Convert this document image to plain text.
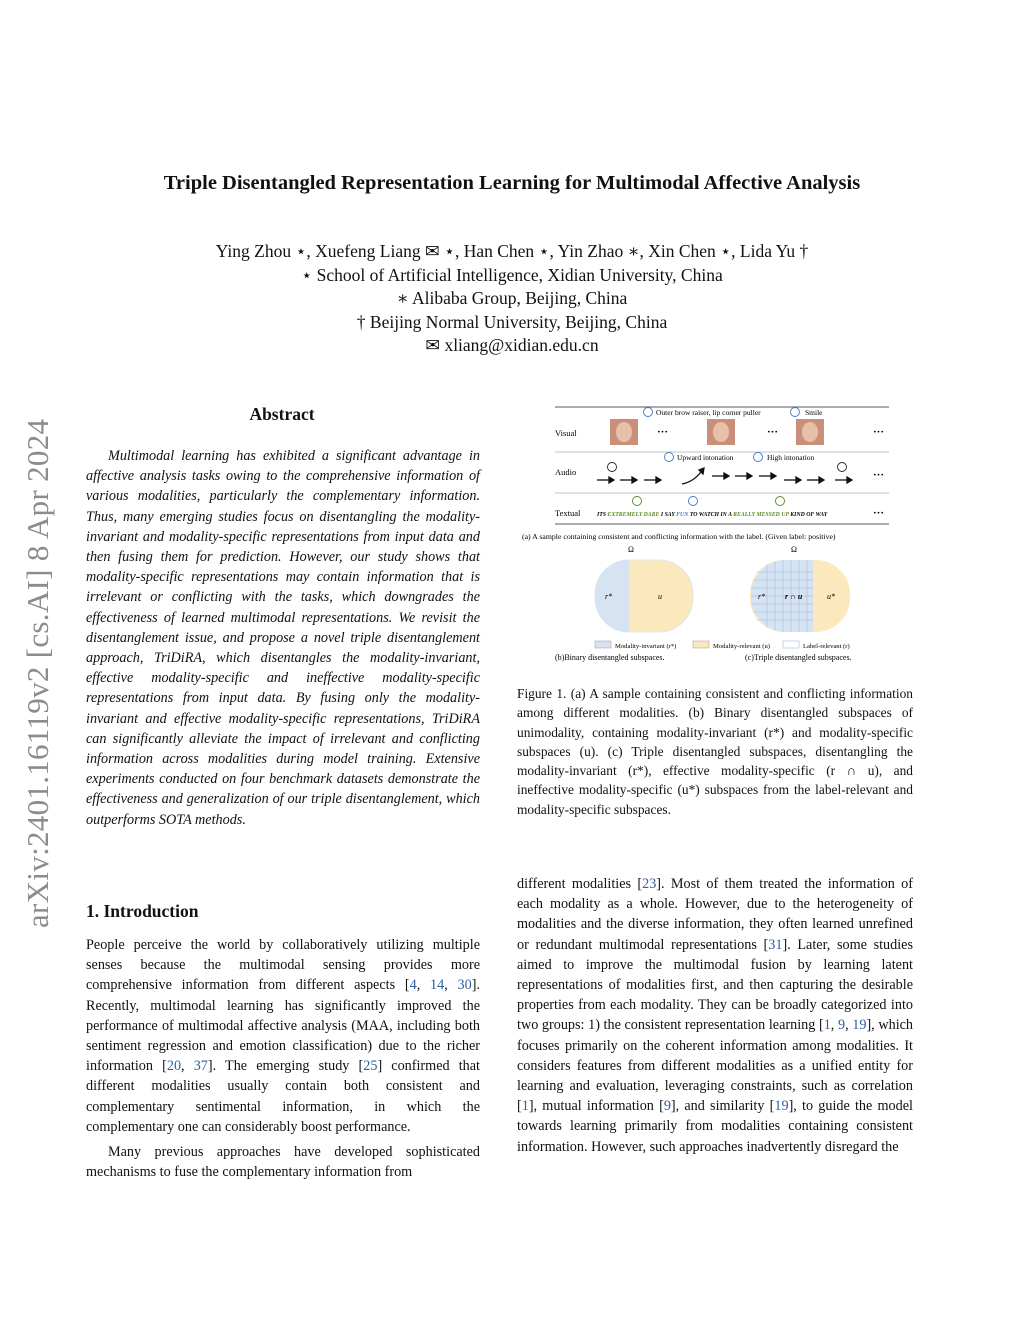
Triple Disentangled Representation Learning for Multimodal Affective Analysis
Ying Zhou ⋆, Xuefeng Liang ✉ ⋆, Han Chen ⋆, Yin Zhao ∗, Xin Chen ⋆, Lida Yu †
⋆ School of Artificial Intelligence, Xidian University, China
∗ Alibaba Group, Beijing, China
† Beijing Normal University, Beijing, China
✉ xliang@xidian.edu.cn
arXiv:2401.16119v2 [cs.AI] 8 Apr 2024
Abstract
Multimodal learning has exhibited a significant advantage in affective analysis tasks owing to the comprehensive information of various modalities, particularly the complementary information. Thus, many emerging studies focus on disentangling the modality-invariant and modality-specific representations from input data and then fusing them for prediction. However, our study shows that modality-specific representations may contain information that is irrelevant or conflicting with the tasks, which downgrades the effectiveness of learned multimodal representations. We revisit the disentanglement issue, and propose a novel triple disentanglement approach, TriDiRA, which disentangles the modality-invariant, effective modality-specific and ineffective modality-specific representations from input data. By fusing only the modality-invariant and effective modality-specific representations, TriDiRA can significantly alleviate the impact of irrelevant and conflicting information across modalities during model training. Extensive experiments conducted on four benchmark datasets demonstrate the effectiveness and generalization of our triple disentanglement, which outperforms SOTA methods.
1. Introduction

People perceive the world by collaboratively utilizing multiple senses because the multimodal sensing provides more comprehensive information from different aspects [4, 14, 30]. Recently, multimodal learning has significantly improved the performance of multimodal affective analysis (MAA, including both sentiment regression and emotion classification) due to the richer information [20, 37]. The emerging study [25] confirmed that different modalities usually contain both consistent and complementary sentimental information, in which the complementary one can considerably boost performance.

Many previous approaches have developed sophisticated mechanisms to fuse the complementary information from

Visual
Audio
Textual
Outer brow raiser, lip corner puller	Smile
···	···	···
Upward intonation	High intonation
···
ITS EXTREMELY DARE I SAY FUN TO WATCH IN A REALLY MESSED UP KIND OF WAY	···
(a) A sample containing consistent and conflicting information with the label. (Given label: positive)
Ω
r*	u
(b)Binary disentangled subspaces.
Ω
r* r ∩ u	u*
(c)Triple disentangled subspaces.
Modality-invariant (r*)	Modality-relevant (u)	Label-relevant (r)
Figure 1. (a) A sample containing consistent and conflicting information among different modalities. (b) Binary disentangled subspaces of unimodality, containing modality-invariant (r*) and modality-specific subspaces (u). (c) Triple disentangled subspaces, disentangling the modality-invariant (r*), effective modality-specific (r ∩ u), and ineffective modality-specific (u*) subspaces from the label-relevant and modality-specific subspaces.
different modalities [23]. Most of them treated the information of each modality as a whole. However, due to the heterogeneity of modalities and the diverse information, they often learned unrefined or redundant multimodal representations [31]. Later, some studies aimed to improve the multimodal fusion by learning latent representations of modalities first, and then capturing the desirable properties from each modality. They can be broadly categorized into two groups: 1) the consistent representation learning [1, 9, 19], which focuses primarily on the coherent information among modalities. It considers features from different modalities as a unified entity for learning and evaluation, leveraging constraints, such as correlation [1], mutual information [9], and similarity [19], to guide the model towards learning primarily from modalities containing consistent information. However, such approaches inadvertently disregard the
